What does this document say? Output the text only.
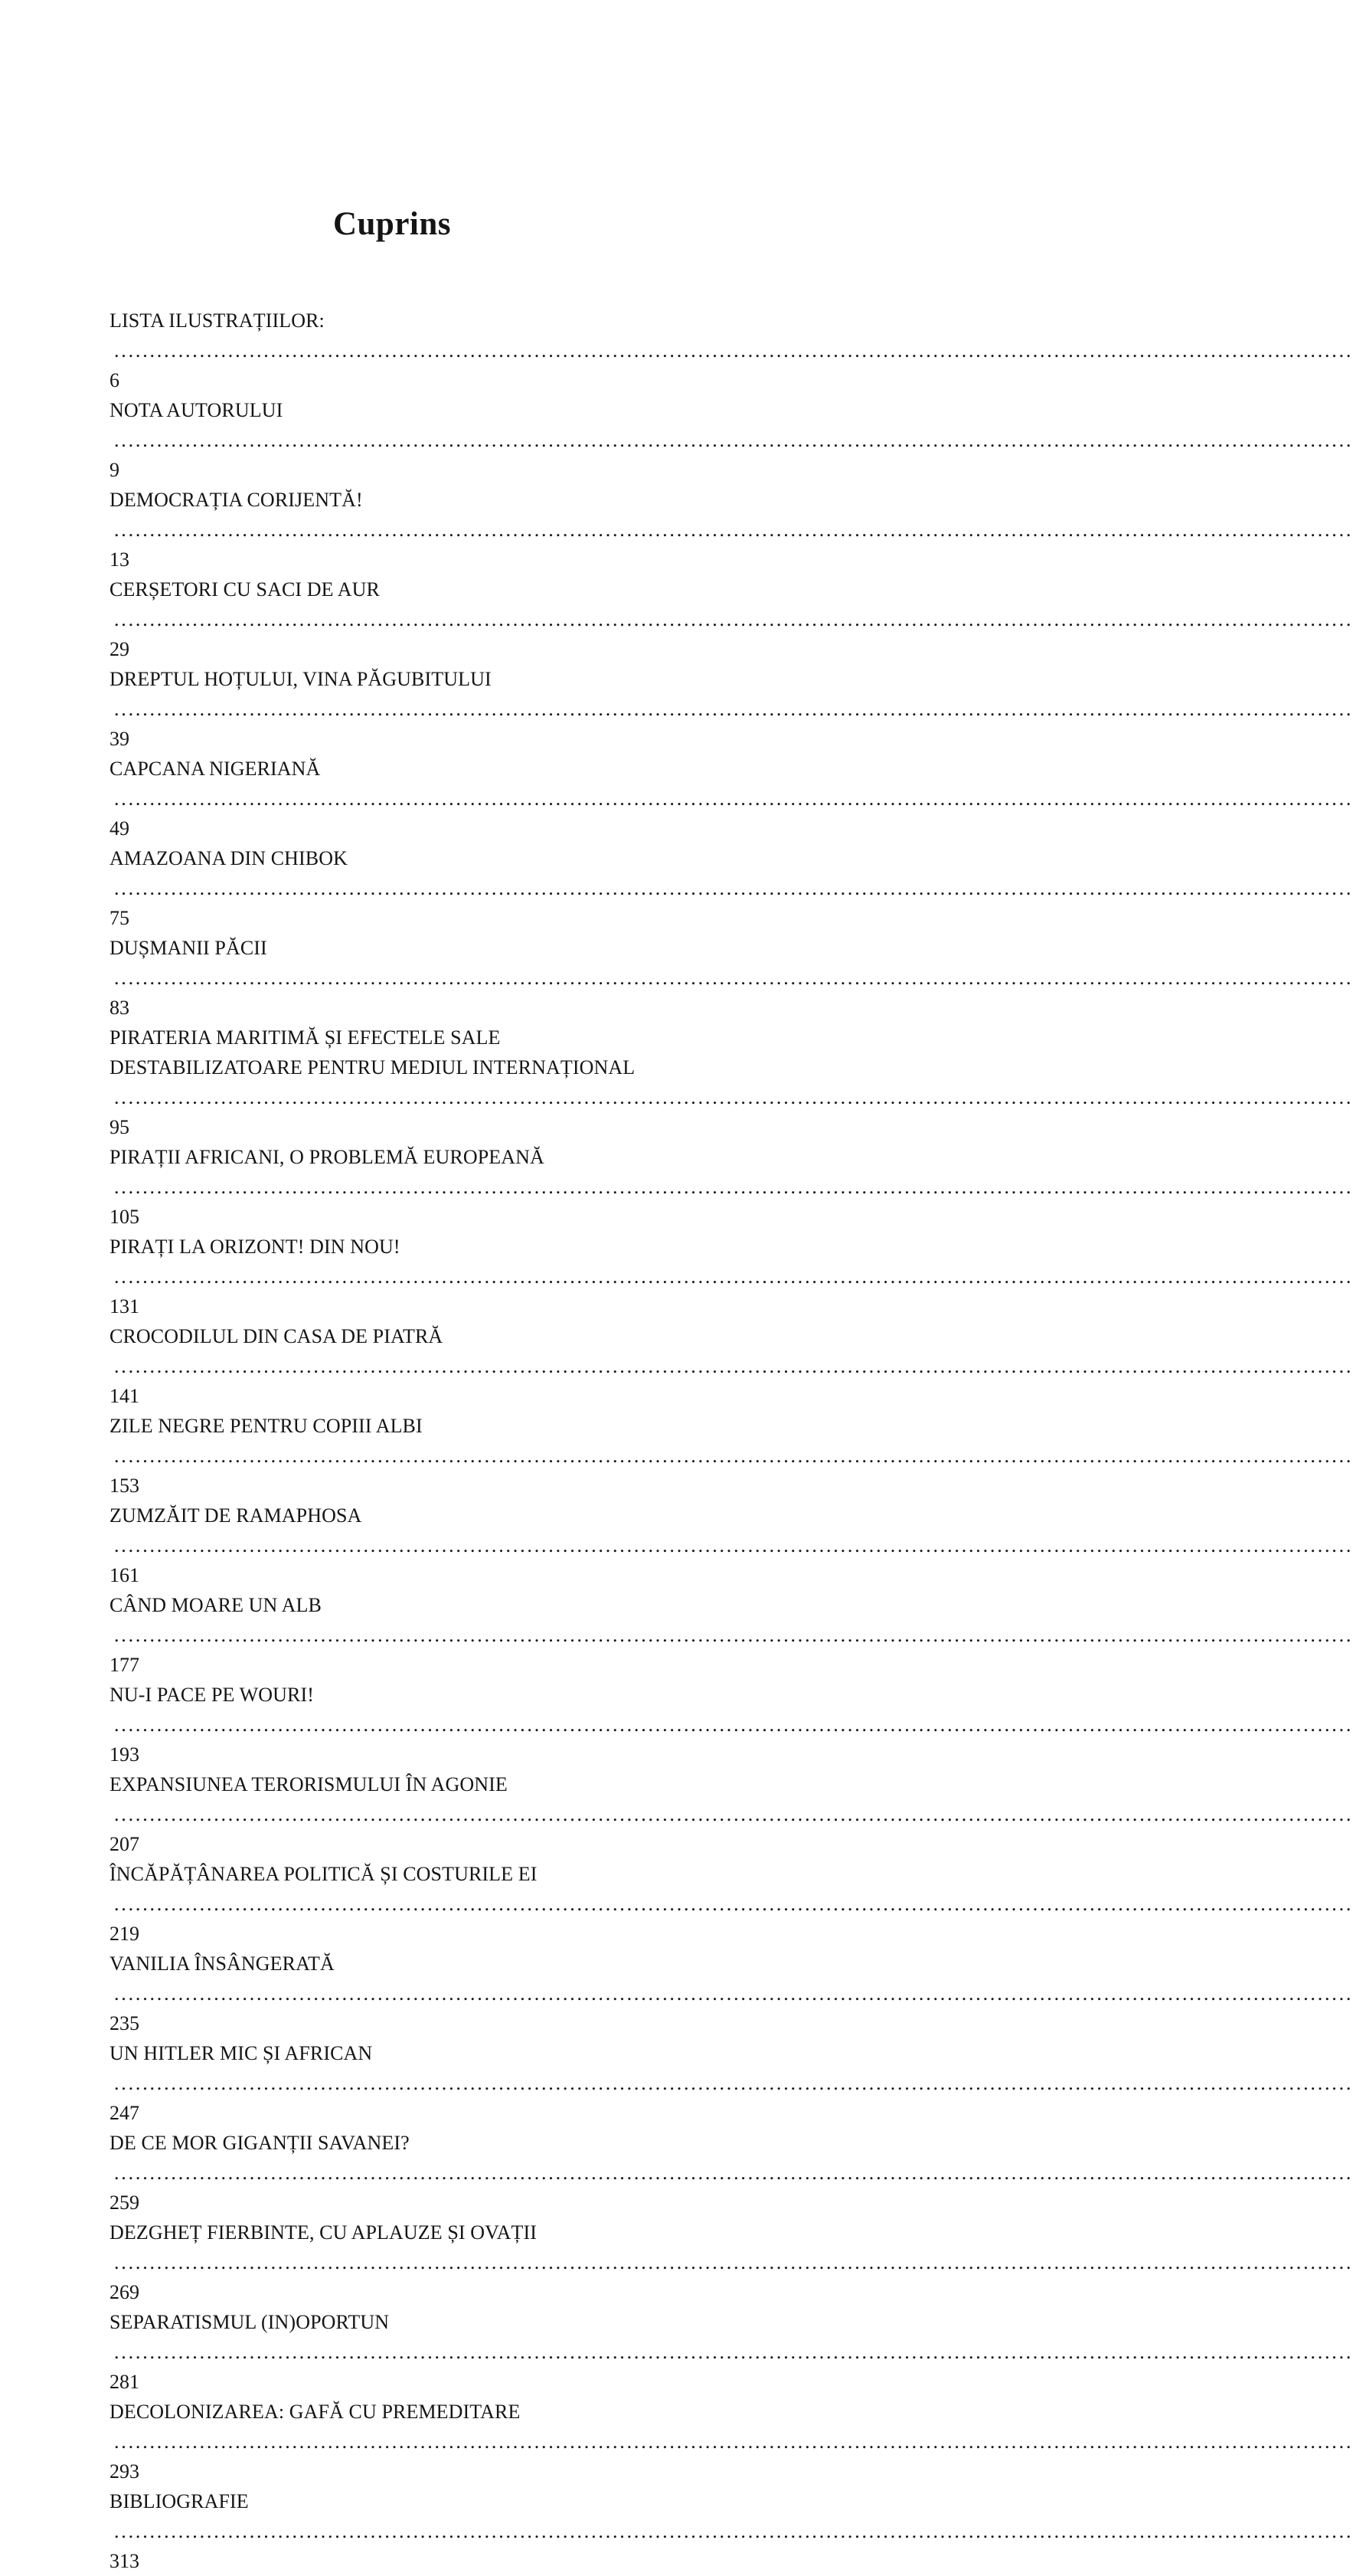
Cuprins
LISTA ILUSTRAȚIILOR:
.....
6
NOTA AUTORULUI
.....
9
DEMOCRAȚIA CORIJENTĂ!
.....
13
CERȘETORI CU SACI DE AUR
.....
29
DREPTUL HOȚULUI, VINA PĂGUBITULUI
.....
39
CAPCANA NIGERIANĂ
.....
49
AMAZOANA DIN CHIBOK
.....
75
DUȘMANII PĂCII
.....
83
PIRATERIA MARITIMĂ ȘI EFECTELE SALE DESTABILIZATOARE PENTRU MEDIUL INTERNAȚIONAL
.....
95
PIRAȚII AFRICANI, O PROBLEMĂ EUROPEANĂ
.....
105
PIRAȚI LA ORIZONT! DIN NOU!
.....
131
CROCODILUL DIN CASA DE PIATRĂ
.....
141
ZILE NEGRE PENTRU COPIII ALBI
.....
153
ZUMZĂIT DE RAMAPHOSA
.....
161
CÂND MOARE UN ALB
.....
177
NU-I PACE PE WOURI!
.....
193
EXPANSIUNEA TERORISMULUI ÎN AGONIE
.....
207
ÎNCĂPĂȚÂNAREA POLITICĂ ȘI COSTURILE EI
.....
219
VANILIA ÎNSÂNGERATĂ
.....
235
UN HITLER MIC ȘI AFRICAN
.....
247
DE CE MOR GIGANȚII SAVANEI?
.....
259
DEZGHEȚ FIERBINTE, CU APLAUZE ȘI OVAȚII
.....
269
SEPARATISMUL (IN)OPORTUN
.....
281
DECOLONIZAREA: GAFĂ CU PREMEDITARE
.....
293
BIBLIOGRAFIE
.....
313
